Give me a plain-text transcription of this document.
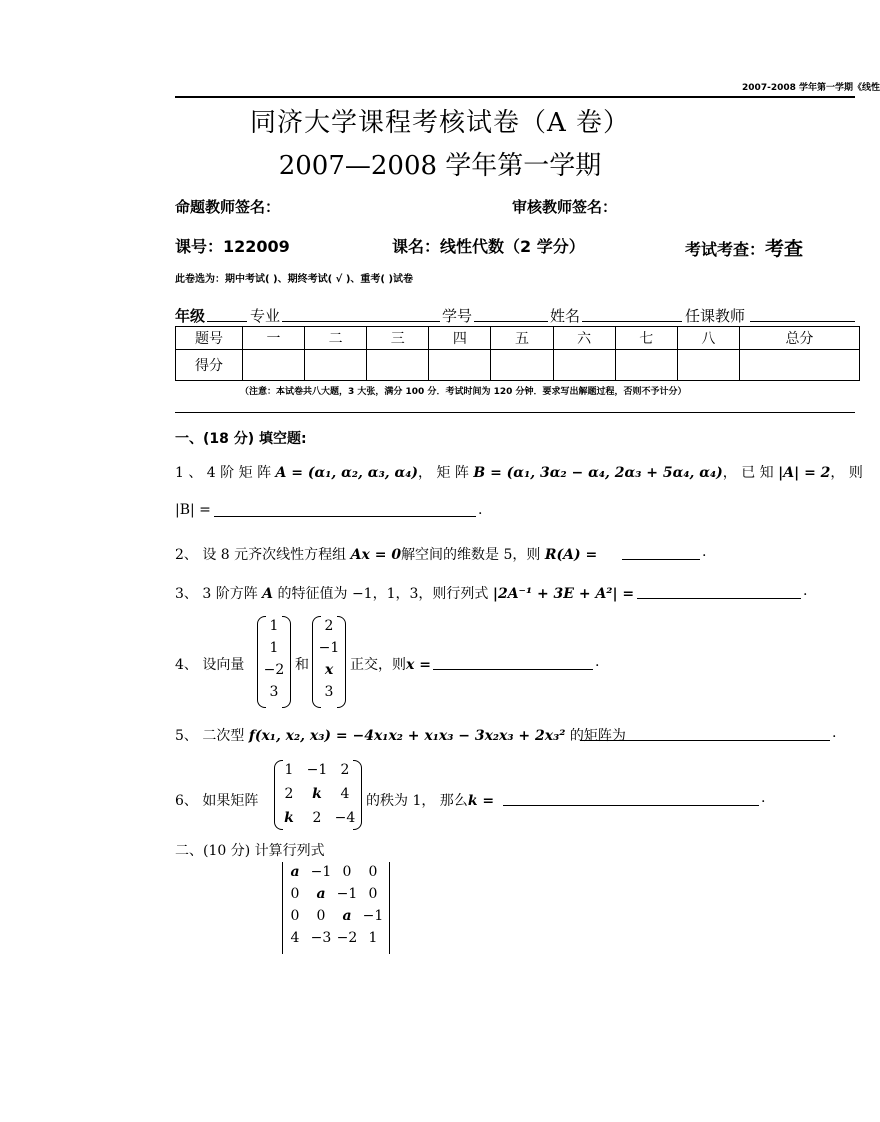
2007-2008 学年第一学期《线性
同济大学课程考核试卷（A 卷）
2007—2008 学年第一学期
命题教师签名：	审核教师签名：
课号：122009	课名：线性代数（2 学分）	考试考查：考查
此卷选为：期中考试( )、期终考试( √ )、重考( )试卷
年级	专业	学号	姓名	任课教师
题号	一	二	三	四	五	六	七	八	总分
得分									
（注意：本试卷共八大题，3 大张，满分 100 分．考试时间为 120 分钟．要求写出解题过程，否则不予计分）
一、(18 分) 填空题:
1 、 4 阶 矩 阵 A = (α₁, α₂, α₃, α₄)， 矩 阵 B = (α₁, 3α₂ − α₄, 2α₃ + 5α₄, α₄)， 已 知 |A| = 2， 则
|B| =	.
2、 设 8 元齐次线性方程组 Ax = 0解空间的维数是 5，则 R(A) =	.
3、 3 阶方阵 A 的特征值为 −1，1，3，则行列式 |2A⁻¹ + 3E + A²| =	.
4、 设向量
1
1
−2
3
和
2
−1
x
3
正交，则x =	.
5、 二次型 f(x₁, x₂, x₃) = −4x₁x₂ + x₁x₃ − 3x₂x₃ + 2x₃² 的矩阵为	.
6、 如果矩阵
1 −1 2
2	k	4
k	2 −4
的秩为 1， 那么k =	.
二、(10 分) 计算行列式
a −1 0	0
0	a −1 0
0	0	a −1
4 −3 −2 1
